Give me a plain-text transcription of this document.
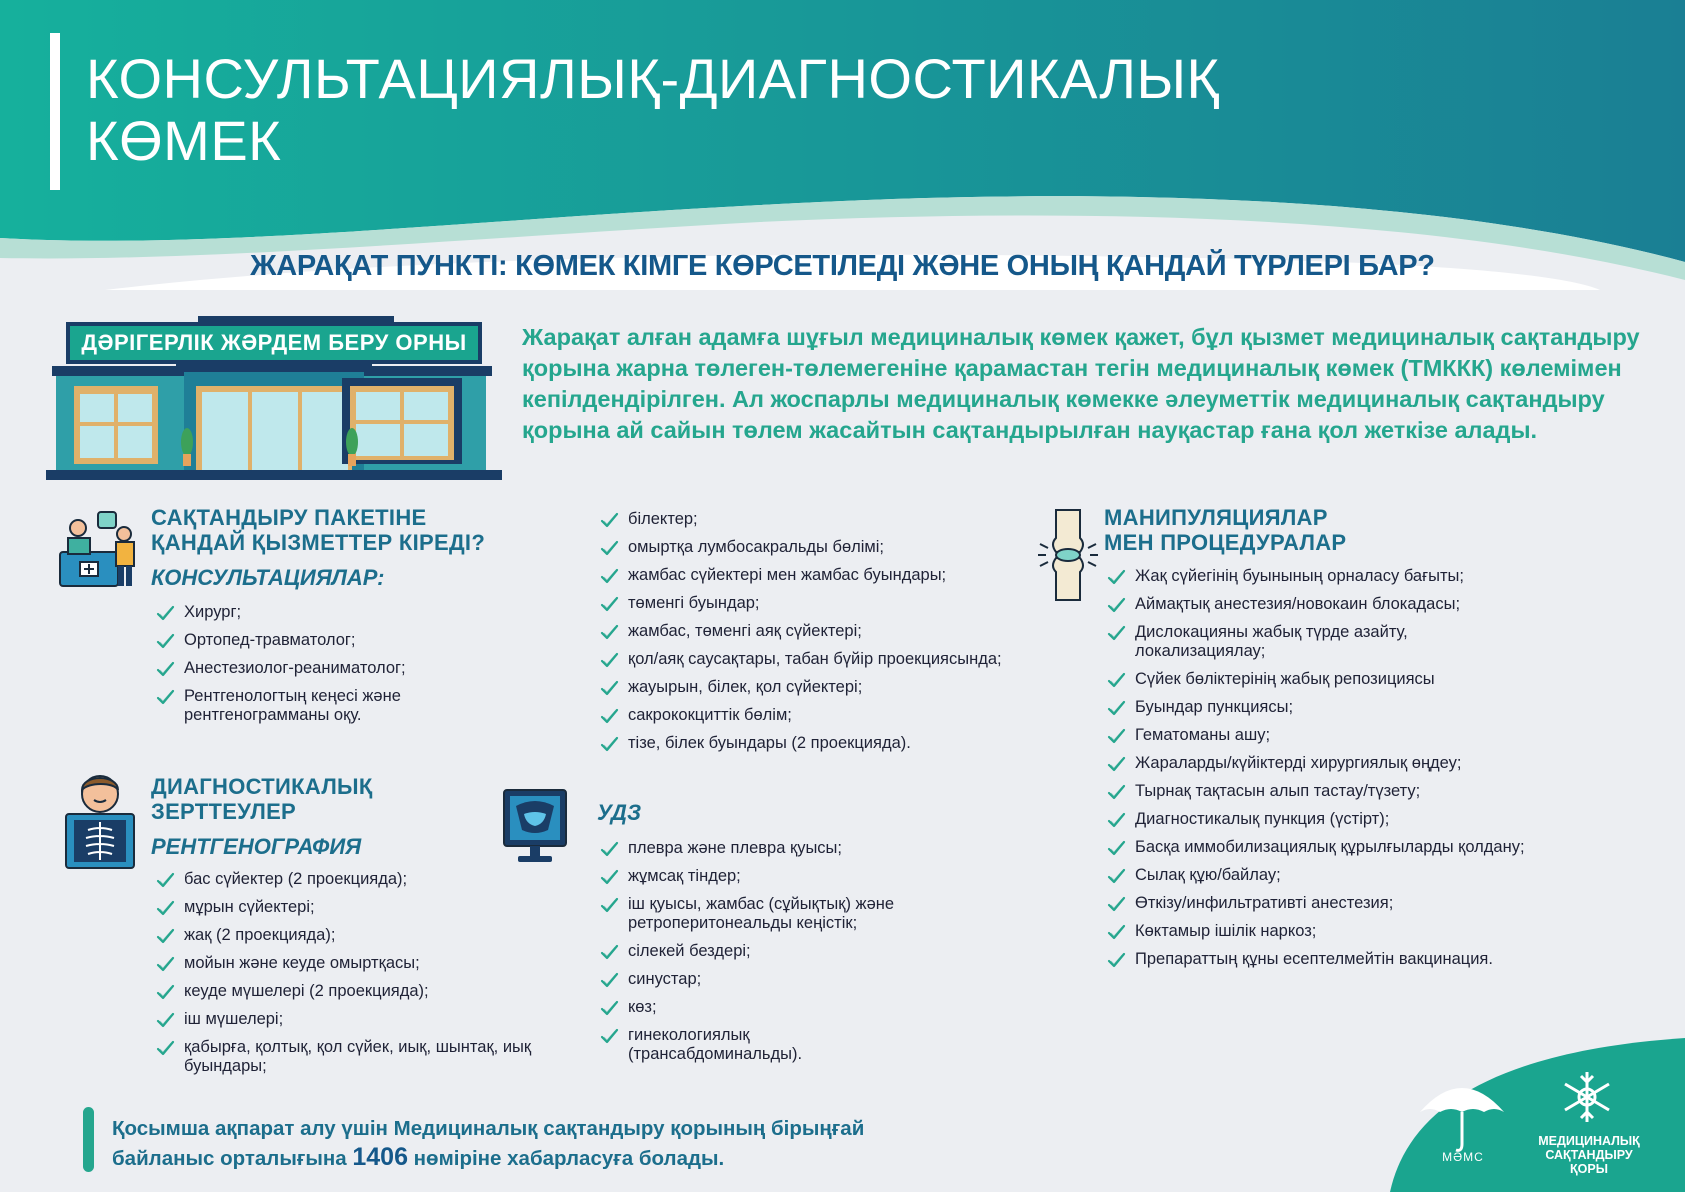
КОНСУЛЬТАЦИЯЛЫҚ-ДИАГНОСТИКАЛЫҚ
КӨМЕК
ЖАРАҚАТ ПУНКТІ: КӨМЕК КІМГЕ КӨРСЕТІЛЕДІ ЖӘНЕ ОНЫҢ ҚАНДАЙ ТҮРЛЕРІ БАР?
ДӘРІГЕРЛІК ЖӘРДЕМ БЕРУ ОРНЫ	Жарақат алған адамға шұғыл медициналық көмек қажет, бұл қызмет медициналық сақтандыру қорына жарна төлеген-төлемегеніне қарамастан тегін медициналық көмек (ТМККК) көлемімен кепілдендірілген. Ал жоспарлы медициналық көмекке әлеуметтік медициналық сақтандыру қорына ай сайын төлем жасайтын сақтандырылған науқастар ғана қол жеткізе алады.

САҚТАНДЫРУ ПАКЕТІНЕ
ҚАНДАЙ ҚЫЗМЕТТЕР КІРЕДІ?
КОНСУЛЬТАЦИЯЛАР:
Хирург;
Ортопед-травматолог;
Анестезиолог-реаниматолог;
Рентгенологтың кеңесі және рентгенограмманы оқу.
ДИАГНОСТИКАЛЫҚ
ЗЕРТТЕУЛЕР
РЕНТГЕНОГРАФИЯ
бас сүйектер (2 проекцияда);
мұрын сүйектері;
жақ (2 проекцияда);
мойын және кеуде омыртқасы;
кеуде мүшелері (2 проекцияда);
іш мүшелері;
қабырға, қолтық, қол сүйек, иық, шынтақ, иық буындары;
білектер;
омыртқа лумбосакральды бөлімі;
жамбас сүйектері мен жамбас буындары;
төменгі буындар;
жамбас, төменгі аяқ сүйектері;
қол/аяқ саусақтары, табан бүйір проекциясында;
жауырын, білек, қол сүйектері;
сакрококциттік бөлім;
тізе, білек буындары (2 проекцияда).
УДЗ
плевра және плевра қуысы;
жұмсақ тіндер;
іш қуысы, жамбас (сұйықтық) және ретроперитонеальды кеңістік;
сілекей бездері;
синустар;
көз;
гинекологиялық (трансабдоминальды).
МАНИПУЛЯЦИЯЛАР
МЕН ПРОЦЕДУРАЛАР
Жақ сүйегінің буынының орналасу бағыты;
Аймақтық анестезия/новокаин блокадасы;
Дислокацияны жабық түрде азайту, локализациялау;
Сүйек бөліктерінің жабық репозициясы
Буындар пункциясы;
Гематоманы ашу;
Жараларды/күйіктерді хирургиялық өңдеу;
Тырнақ тақтасын алып тастау/түзету;
Диагностикалық пункция (үстірт);
Басқа иммобилизациялық құрылғыларды қолдану;
Сылақ құю/байлау;
Өткізу/инфильтративті анестезия;
Көктамыр ішілік наркоз;
Препараттың құны есептелмейтін вакцинация.

Қосымша ақпарат алу үшін Медициналық сақтандыру қорының бірыңғай байланыс орталығына 1406 нөміріне хабарласуға болады.	МӘМС
МЕДИЦИНАЛЫҚ
САҚТАНДЫРУ
ҚОРЫ
